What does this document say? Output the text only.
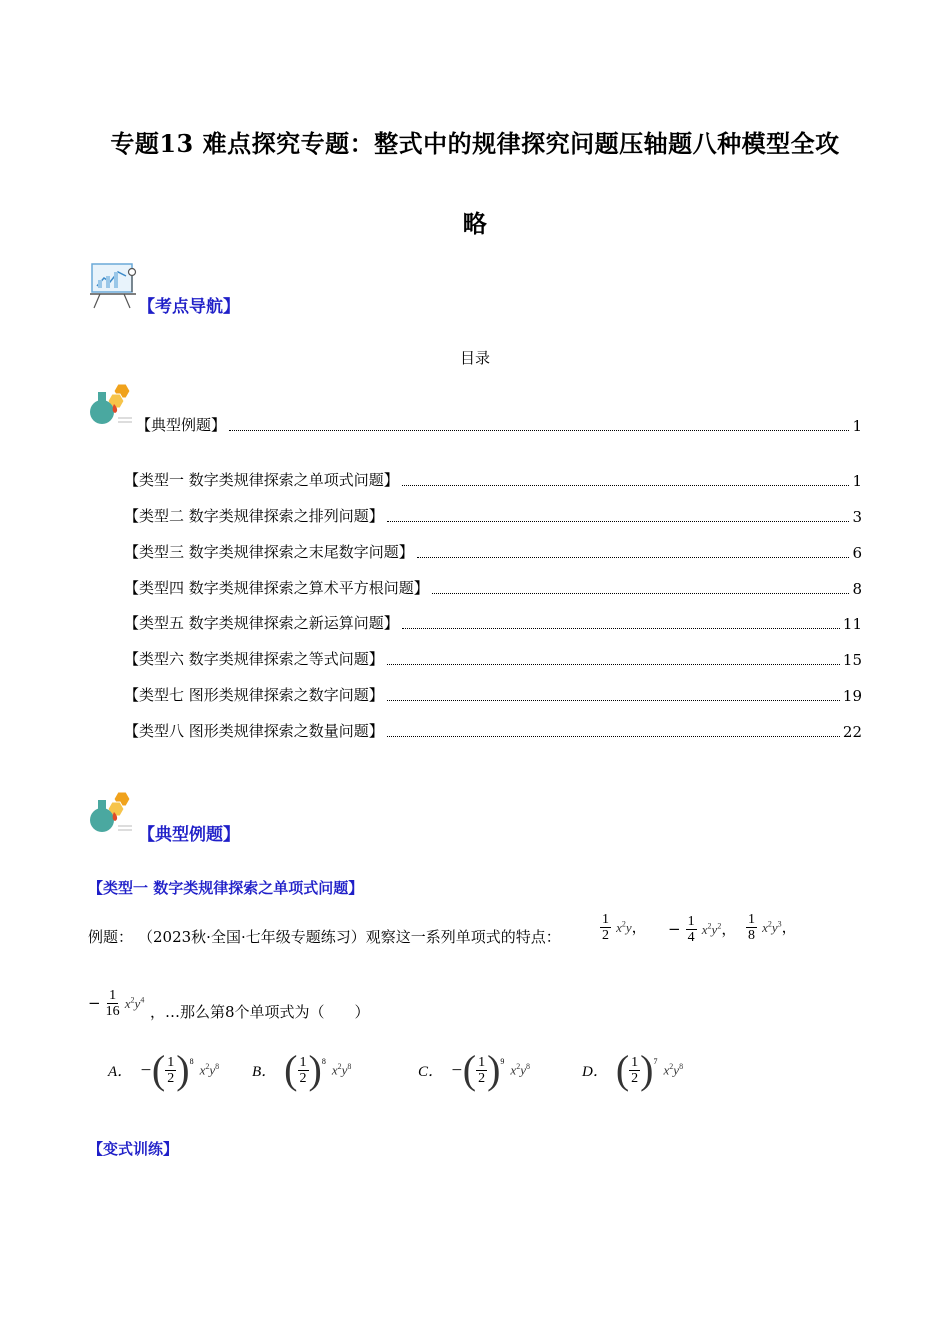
专题13 难点探究专题：整式中的规律探究问题压轴题八种模型全攻
略
【考点导航】
目录
【典型例题】	1
【类型一 数字类规律探索之单项式问题】	1
【类型二 数字类规律探索之排列问题】	3
【类型三 数字类规律探索之末尾数字问题】	6
【类型四 数字类规律探索之算术平方根问题】	8
【类型五 数字类规律探索之新运算问题】	11
【类型六 数字类规律探索之等式问题】	15
【类型七 图形类规律探索之数字问题】	19
【类型八 图形类规律探索之数量问题】	22
【典型例题】
【类型一 数字类规律探索之单项式问题】
例题： （2023秋·全国·七年级专题练习）观察这一系列单项式的特点：	$\frac{1}{2} x^2y$， − $\frac{1}{4} x^2y^2$， $\frac{1}{8} x^2y^3$，
− $\frac{1}{16} x^2y^4$
，…那么第8个单项式为（　　）
A． − ( $\frac{1}{2}$ ) 8
$x^2y^8$ B． ( $\frac{1}{2}$ ) 8
$x^2y^8$	C． − ( $\frac{1}{2}$ ) 9
$x^2y^8$	D． ( $\frac{1}{2}$ ) 7
$x^2y^8$
【变式训练】
